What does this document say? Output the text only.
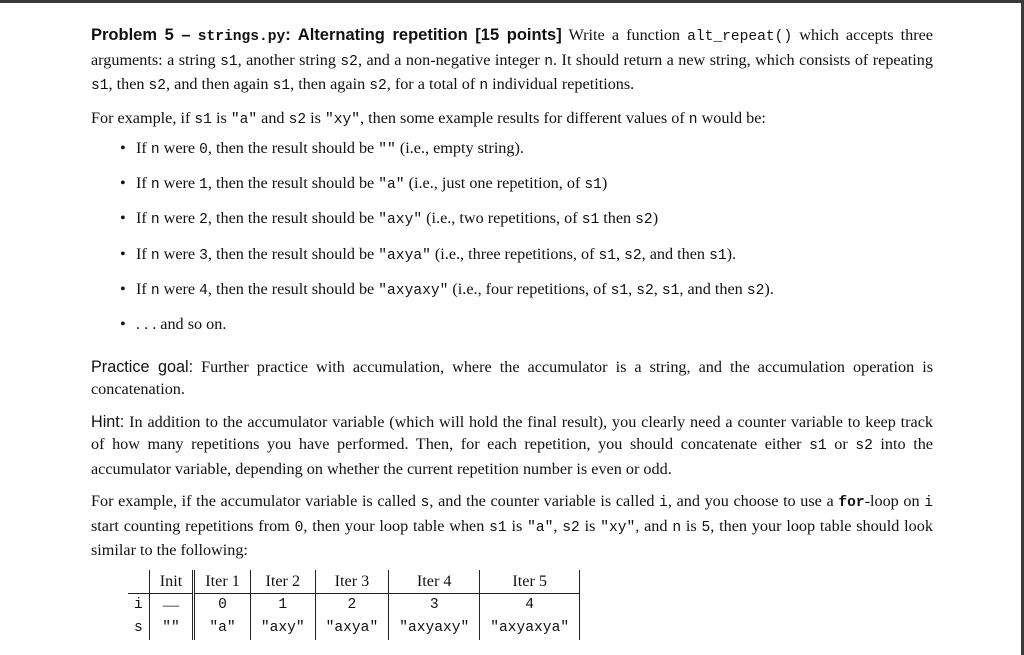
Problem 5 – strings.py: Alternating repetition [15 points] Write a function alt_repeat() which accepts three arguments: a string s1, another string s2, and a non-negative integer n. It should return a new string, which consists of repeating s1, then s2, and then again s1, then again s2, for a total of n individual repetitions.

For example, if s1 is "a" and s2 is "xy", then some example results for different values of n would be:

• If n were 0, then the result should be "" (i.e., empty string).
• If n were 1, then the result should be "a" (i.e., just one repetition, of s1)
• If n were 2, then the result should be "axy" (i.e., two repetitions, of s1 then s2)
• If n were 3, then the result should be "axya" (i.e., three repetitions, of s1, s2, and then s1).
• If n were 4, then the result should be "axyaxy" (i.e., four repetitions, of s1, s2, s1, and then s2).
• . . . and so on.

Practice goal: Further practice with accumulation, where the accumulator is a string, and the accumulation operation is concatenation.

Hint: In addition to the accumulator variable (which will hold the final result), you clearly need a counter variable to keep track of how many repetitions you have performed. Then, for each repetition, you should concatenate either s1 or s2 into the accumulator variable, depending on whether the current repetition number is even or odd.

For example, if the accumulator variable is called s, and the counter variable is called i, and you choose to use a for-loop on i start counting repetitions from 0, then your loop table when s1 is "a", s2 is "xy", and n is 5, then your loop table should look similar to the following:

	Init	Iter 1	Iter 2	Iter 3	Iter 4	Iter 5
i	—	0	1	2	3	4
s	""	"a"	"axy"	"axya"	"axyaxy"	"axyaxya"
